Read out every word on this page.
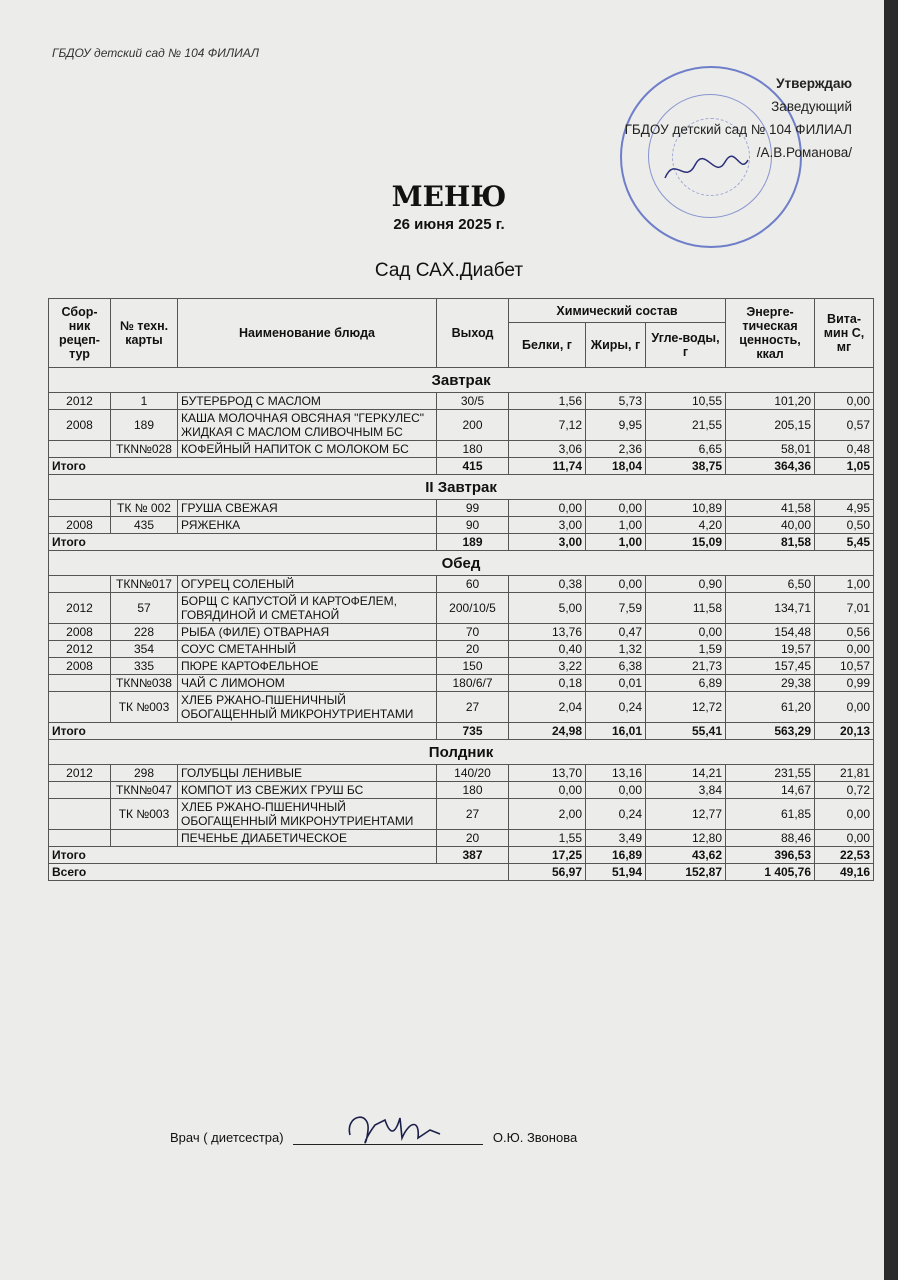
ГБДОУ детский сад № 104 ФИЛИАЛ
Утверждаю
Заведующий
ГБДОУ детский сад № 104 ФИЛИАЛ
/А.В.Романова/
МЕНЮ
26 июня 2025 г.
Сад САХ.Диабет
Сбор-ник рецеп-тур	№ техн. карты	Наименование блюда	Выход	Химический состав			Энерге-тическая ценность, ккал	Вита-мин С, мг
				Белки, г	Жиры, г	Угле-воды, г		
Завтрак								
2012	1	БУТЕРБРОД С МАСЛОМ	30/5	1,56	5,73	10,55	101,20	0,00
2008	189	КАША МОЛОЧНАЯ ОВСЯНАЯ "ГЕРКУЛЕС" ЖИДКАЯ С МАСЛОМ СЛИВОЧНЫМ БС	200	7,12	9,95	21,55	205,15	0,57
	ТКN№028	КОФЕЙНЫЙ НАПИТОК С МОЛОКОМ БС	180	3,06	2,36	6,65	58,01	0,48
Итого			415	11,74	18,04	38,75	364,36	1,05
II Завтрак								
	ТК № 002	ГРУША СВЕЖАЯ	99	0,00	0,00	10,89	41,58	4,95
2008	435	РЯЖЕНКА	90	3,00	1,00	4,20	40,00	0,50
Итого			189	3,00	1,00	15,09	81,58	5,45
Обед								
	ТКN№017	ОГУРЕЦ СОЛЕНЫЙ	60	0,38	0,00	0,90	6,50	1,00
2012	57	БОРЩ С КАПУСТОЙ И КАРТОФЕЛЕМ, ГОВЯДИНОЙ И СМЕТАНОЙ	200/10/5	5,00	7,59	11,58	134,71	7,01
2008	228	РЫБА (ФИЛЕ) ОТВАРНАЯ	70	13,76	0,47	0,00	154,48	0,56
2012	354	СОУС СМЕТАННЫЙ	20	0,40	1,32	1,59	19,57	0,00
2008	335	ПЮРЕ КАРТОФЕЛЬНОЕ	150	3,22	6,38	21,73	157,45	10,57
	ТКN№038	ЧАЙ С ЛИМОНОМ	180/6/7	0,18	0,01	6,89	29,38	0,99
	ТК №003	ХЛЕБ РЖАНО-ПШЕНИЧНЫЙ ОБОГАЩЕННЫЙ МИКРОНУТРИЕНТАМИ	27	2,04	0,24	12,72	61,20	0,00
Итого			735	24,98	16,01	55,41	563,29	20,13
Полдник								
2012	298	ГОЛУБЦЫ ЛЕНИВЫЕ	140/20	13,70	13,16	14,21	231,55	21,81
	ТКN№047	КОМПОТ ИЗ СВЕЖИХ ГРУШ БС	180	0,00	0,00	3,84	14,67	0,72
	ТК №003	ХЛЕБ РЖАНО-ПШЕНИЧНЫЙ ОБОГАЩЕННЫЙ МИКРОНУТРИЕНТАМИ	27	2,00	0,24	12,77	61,85	0,00
		ПЕЧЕНЬЕ ДИАБЕТИЧЕСКОЕ	20	1,55	3,49	12,80	88,46	0,00
Итого			387	17,25	16,89	43,62	396,53	22,53
Всего				56,97	51,94	152,87	1 405,76	49,16
Врач ( диетсестра)	О.Ю. Звонова
